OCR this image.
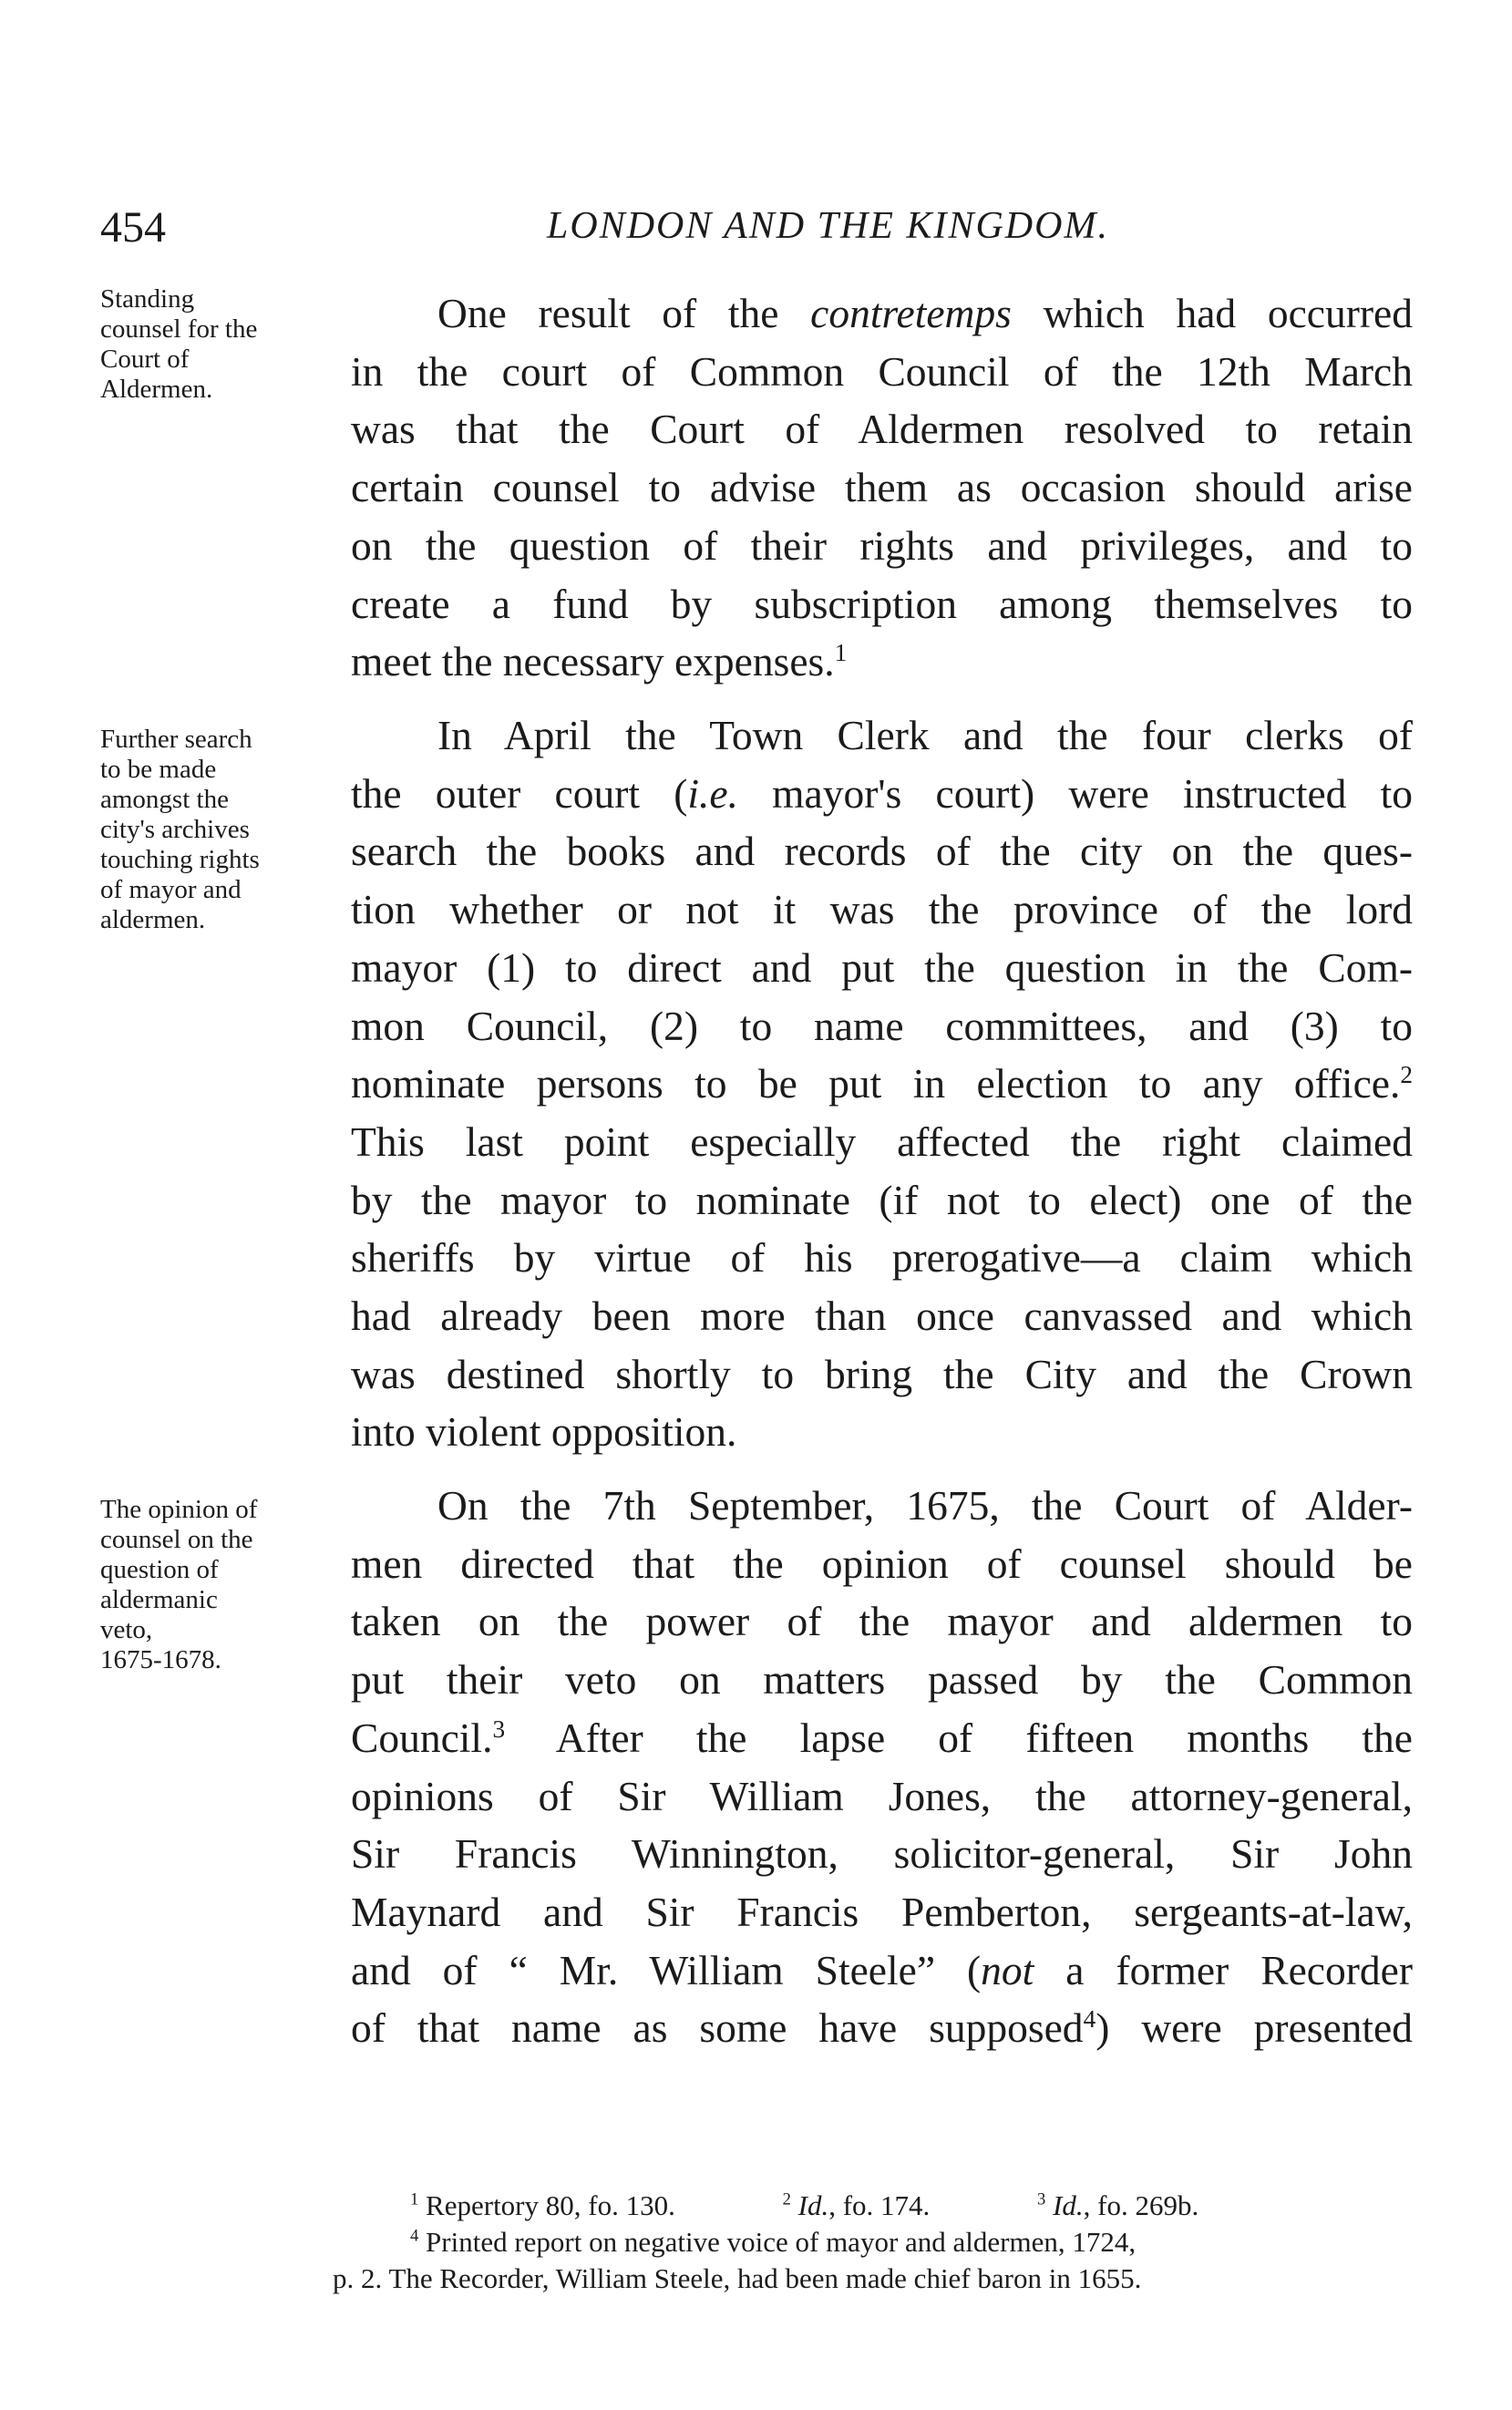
454	LONDON AND THE KINGDOM.
Standing
counsel for the
Court of
Aldermen.
Further search
to be made
amongst the
city's archives
touching rights
of mayor and
aldermen.
The opinion of
counsel on the
question of
aldermanic
veto,
1675-1678.
One result of the contretemps which had occurred
in the court of Common Council of the 12th March
was that the Court of Aldermen resolved to retain
certain counsel to advise them as occasion should arise
on the question of their rights and privileges, and to
create a fund by subscription among themselves to
meet the necessary expenses.$^1$
In April the Town Clerk and the four clerks of
the outer court (i.e. mayor's court) were instructed to
search the books and records of the city on the ques-
tion whether or not it was the province of the lord
mayor (1) to direct and put the question in the Com-
mon Council, (2) to name committees, and (3) to
nominate persons to be put in election to any office.$^2$
This last point especially affected the right claimed
by the mayor to nominate (if not to elect) one of the
sheriffs by virtue of his prerogative—a claim which
had already been more than once canvassed and which
was destined shortly to bring the City and the Crown
into violent opposition.
On the 7th September, 1675, the Court of Alder-
men directed that the opinion of counsel should be
taken on the power of the mayor and aldermen to
put their veto on matters passed by the Common
Council.$^3$ After the lapse of fifteen months the
opinions of Sir William Jones, the attorney-general,
Sir Francis Winnington, solicitor-general, Sir John
Maynard and Sir Francis Pemberton, sergeants-at-law,
and of “ Mr. William Steele” (not a former Recorder
of that name as some have supposed$^4$) were presented
$^1$ Repertory 80, fo. 130.	$^2$ Id., fo. 174.	$^3$ Id., fo. 269b.
$^4$ Printed report on negative voice of mayor and aldermen, 1724,
p. 2. The Recorder, William Steele, had been made chief baron in 1655.
